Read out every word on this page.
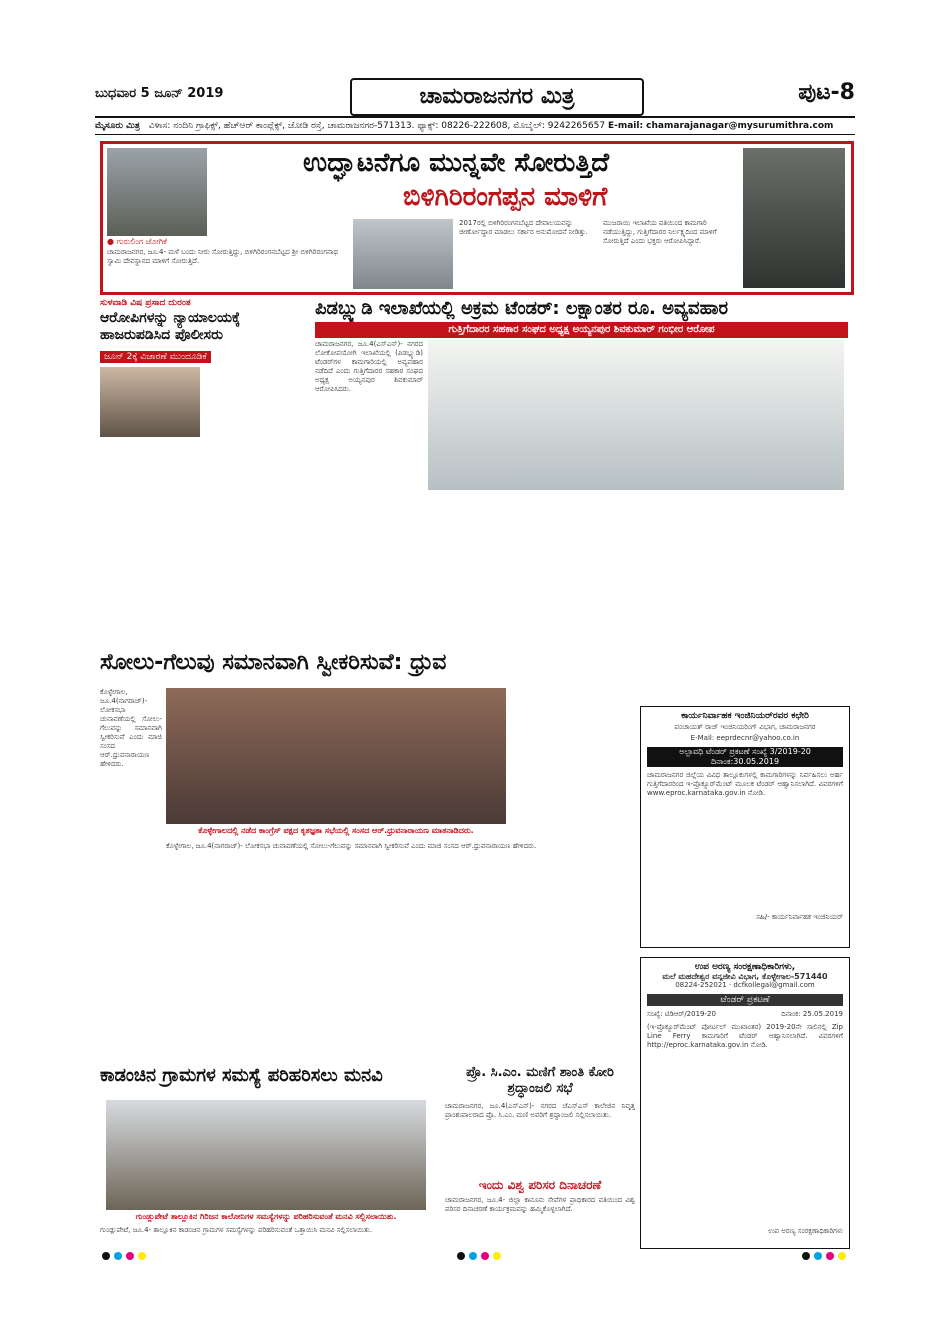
ಬುಧವಾರ 5 ಜೂನ್ 2019	ಚಾಮರಾಜನಗರ ಮಿತ್ರ	ಪುಟ-8
ಮೈಸೂರು ಮಿತ್ರ ವಿಳಾಸ: ನಂದಿನಿ ಗ್ರಾಫಿಕ್ಸ್, ಹೆಚ್‌ಆರ್ ಕಾಂಪ್ಲೆಕ್ಸ್, ಜೋಡಿ ರಸ್ತೆ, ಚಾಮರಾಜನಗರ-571313. ಫ್ಯಾಕ್ಸ್: 08226-222608, ಮೊಬೈಲ್: 9242265657 E-mail: chamarajanagar@mysurumithra.com
ಉದ್ಘಾಟನೆಗೂ ಮುನ್ನವೇ ಸೋರುತ್ತಿದೆ
ಬಿಳಿಗಿರಿರಂಗಪ್ಪನ ಮಾಳಿಗೆ
● ಗುರುಲಿಂಗ ಜೋಗಿಕೆ
ಚಾಮರಾಜನಗರ, ಜೂ.4- ಮಳೆ ಬಂದು ನೀರು ಸೋರುತ್ತಿದ್ದು, ಬಿಳಿಗಿರಿರಂಗನಬೆಟ್ಟದ ಶ್ರೀ ಬಿಳಿಗಿರಿರಂಗನಾಥ ಸ್ವಾಮಿ ದೇವಸ್ಥಾನದ ಮಾಳಿಗೆ ಸೋರುತ್ತಿದೆ.
2017ರಲ್ಲಿ ಬಿಳಿಗಿರಿರಂಗನಬೆಟ್ಟದ ದೇವಾಲಯವನ್ನು ಜೀರ್ಣೋದ್ಧಾರ ಮಾಡಲು ಸರ್ಕಾರ ಅನುಮೋದನೆ ನೀಡಿತ್ತು.
ಮುಜರಾಯಿ ಇಲಾಖೆಯ ವತಿಯಿಂದ ಕಾಮಗಾರಿ ನಡೆಯುತ್ತಿದ್ದು, ಗುತ್ತಿಗೆದಾರರ ನಿರ್ಲಕ್ಷ್ಯದಿಂದ ಮಾಳಿಗೆ ಸೋರುತ್ತಿದೆ ಎಂದು ಭಕ್ತರು ಆರೋಪಿಸಿದ್ದಾರೆ.
ಸುಳವಾಡಿ ವಿಷ ಪ್ರಸಾದ ದುರಂತ
ಆರೋಪಿಗಳನ್ನು ನ್ಯಾಯಾಲಯಕ್ಕೆ ಹಾಜರುಪಡಿಸಿದ ಪೊಲೀಸರು
ಜೂನ್ 2ಕ್ಕೆ ವಿಚಾರಣೆ ಮುಂದೂಡಿಕೆ
ಪಿಡಬ್ಲ್ಯುಡಿ ಇಲಾಖೆಯಲ್ಲಿ ಅಕ್ರಮ ಟೆಂಡರ್: ಲಕ್ಷಾಂತರ ರೂ. ಅವ್ಯವಹಾರ
ಗುತ್ತಿಗೆದಾರರ ಸಹಕಾರ ಸಂಘದ ಅಧ್ಯಕ್ಷ ಅಯ್ಯನಪುರ ಶಿವಕುಮಾರ್ ಗಂಭೀರ ಆರೋಪ
ಚಾಮರಾಜನಗರ, ಜೂ.4(ಎಸ್‌ಎನ್)- ನಗರದ ಲೋಕೋಪಯೋಗಿ ಇಲಾಖೆಯಲ್ಲಿ (ಪಿಡಬ್ಲ್ಯುಡಿ) ಟೆಂಡರ್‌ಗಳ ಕಾಮಗಾರಿಯಲ್ಲಿ ಅವ್ಯವಹಾರ ನಡೆದಿದೆ ಎಂದು ಗುತ್ತಿಗೆದಾರರ ಸಹಕಾರ ಸಂಘದ ಅಧ್ಯಕ್ಷ ಅಯ್ಯನಪುರ ಶಿವಕುಮಾರ್ ಆರೋಪಿಸಿದರು.
ಸೋಲು-ಗೆಲುವು ಸಮಾನವಾಗಿ ಸ್ವೀಕರಿಸುವೆ: ಧ್ರುವ
ಕೊಳ್ಳೇಗಾಲ, ಜೂ.4(ನಾಗರಾಜ್)- ಲೋಕಸಭಾ ಚುನಾವಣೆಯಲ್ಲಿ ಸೋಲು-ಗೆಲುವನ್ನು ಸಮಾನವಾಗಿ ಸ್ವೀಕರಿಸುವೆ ಎಂದು ಮಾಜಿ ಸಂಸದ ಆರ್.ಧ್ರುವನಾರಾಯಣ ಹೇಳಿದರು.
ಕೊಳ್ಳೇಗಾಲದಲ್ಲಿ ನಡೆದ ಕಾಂಗ್ರೆಸ್ ಪಕ್ಷದ ಕೃತಜ್ಞತಾ ಸಭೆಯಲ್ಲಿ ಸಂಸದ ಆರ್.ಧ್ರುವನಾರಾಯಣ ಮಾತನಾಡಿದರು.
ಕಾರ್ಯನಿರ್ವಾಹಕ ಇಂಜಿನಿಯರ್‌ರವರ ಕಛೇರಿ
ಪಂಚಾಯತ್ ರಾಜ್ ಇಂಜಿನಿಯರಿಂಗ್ ವಿಭಾಗ, ಚಾಮರಾಜನಗರ
E-Mail: eeprdecnr@yahoo.co.in
ಅಲ್ಪಾವಧಿ ಟೆಂಡರ್ ಪ್ರಕಟಣೆ ಸಂಖ್ಯೆ 3/2019-20 ದಿನಾಂಕ:30.05.2019
ಚಾಮರಾಜನಗರ ಜಿಲ್ಲೆಯ ವಿವಿಧ ತಾಲ್ಲೂಕುಗಳಲ್ಲಿ ಕಾಮಗಾರಿಗಳನ್ನು ನಿರ್ವಹಿಸಲು ಅರ್ಹ ಗುತ್ತಿಗೆದಾರರಿಂದ ಇ-ಪ್ರೊಕ್ಯೂರ್‌ಮೆಂಟ್ ಮೂಲಕ ಟೆಂಡರ್ ಆಹ್ವಾನಿಸಲಾಗಿದೆ. ವಿವರಗಳಿಗೆ www.eproc.karnataka.gov.in ನೋಡಿ.
ಸಹಿ/- ಕಾರ್ಯನಿರ್ವಾಹಕ ಇಂಜಿನಿಯರ್
ಉಪ ಅರಣ್ಯ ಸಂರಕ್ಷಣಾಧಿಕಾರಿಗಳು,
ಮಲೆ ಮಹದೇಶ್ವರ ವನ್ಯಜೀವಿ ವಿಭಾಗ, ಕೊಳ್ಳೇಗಾಲ-571440
08224-252021 · dcfkollegal@gmail.com
ಟೆಂಡರ್ ಪ್ರಕಟಣೆ
ಸಂಖ್ಯೆ: ಟಿಡಿಆರ್/2019-20	ದಿನಾಂಕ: 25.05.2019
(ಇ-ಪ್ರೊಕ್ಯೂರ್‌ಮೆಂಟ್ ಪೋರ್ಟಲ್ ಮುಖಾಂತರ) 2019-20ನೇ ಸಾಲಿನಲ್ಲಿ Zip Line Ferry ಕಾಮಗಾರಿಗೆ ಟೆಂಡರ್ ಆಹ್ವಾನಿಸಲಾಗಿದೆ. ವಿವರಗಳಿಗೆ http://eproc.karnataka.gov.in ನೋಡಿ.
ಉಪ ಅರಣ್ಯ ಸಂರಕ್ಷಣಾಧಿಕಾರಿಗಳು
ಕೊಳ್ಳೇಗಾಲ, ಜೂ.4(ನಾಗರಾಜ್)- ಲೋಕಸಭಾ ಚುನಾವಣೆಯಲ್ಲಿ ಸೋಲು-ಗೆಲುವನ್ನು ಸಮಾನವಾಗಿ ಸ್ವೀಕರಿಸುವೆ ಎಂದು ಮಾಜಿ ಸಂಸದ ಆರ್.ಧ್ರುವನಾರಾಯಣ ಹೇಳಿದರು.
ಕಾಡಂಚಿನ ಗ್ರಾಮಗಳ ಸಮಸ್ಯೆ ಪರಿಹರಿಸಲು ಮನವಿ
ಗುಂಡ್ಲುಪೇಟೆ ತಾಲ್ಲೂಕಿನ ಗಿರಿಜನ ಕಾಲೋನಿಗಳ ಸಮಸ್ಯೆಗಳನ್ನು ಪರಿಹರಿಸುವಂತೆ ಮನವಿ ಸಲ್ಲಿಸಲಾಯಿತು.
ಗುಂಡ್ಲುಪೇಟೆ, ಜೂ.4- ತಾಲ್ಲೂಕಿನ ಕಾಡಂಚಿನ ಗ್ರಾಮಗಳ ಸಮಸ್ಯೆಗಳನ್ನು ಪರಿಹರಿಸುವಂತೆ ಒತ್ತಾಯಿಸಿ ಮನವಿ ಸಲ್ಲಿಸಲಾಯಿತು.
ಪ್ರೊ. ಸಿ.ಎಂ. ಮಣಿಗೆ ಶಾಂತಿ ಕೋರಿ ಶ್ರದ್ಧಾಂಜಲಿ ಸಭೆ
ಚಾಮರಾಜನಗರ, ಜೂ.4(ಎಸ್‌ಎನ್)- ನಗರದ ಜೆಎಸ್‌ಎಸ್ ಕಾಲೇಜಿನ ನಿವೃತ್ತ ಪ್ರಾಂಶುಪಾಲರಾದ ಪ್ರೊ. ಸಿ.ಎಂ. ಮಣಿ ಅವರಿಗೆ ಶ್ರದ್ಧಾಂಜಲಿ ಸಲ್ಲಿಸಲಾಯಿತು.
ಇಂದು ವಿಶ್ವ ಪರಿಸರ ದಿನಾಚರಣೆ
ಚಾಮರಾಜನಗರ, ಜೂ.4- ಜಿಲ್ಲಾ ಕಾನೂನು ಸೇವೆಗಳ ಪ್ರಾಧಿಕಾರದ ವತಿಯಿಂದ ವಿಶ್ವ ಪರಿಸರ ದಿನಾಚರಣೆ ಕಾರ್ಯಕ್ರಮವನ್ನು ಹಮ್ಮಿಕೊಳ್ಳಲಾಗಿದೆ.
